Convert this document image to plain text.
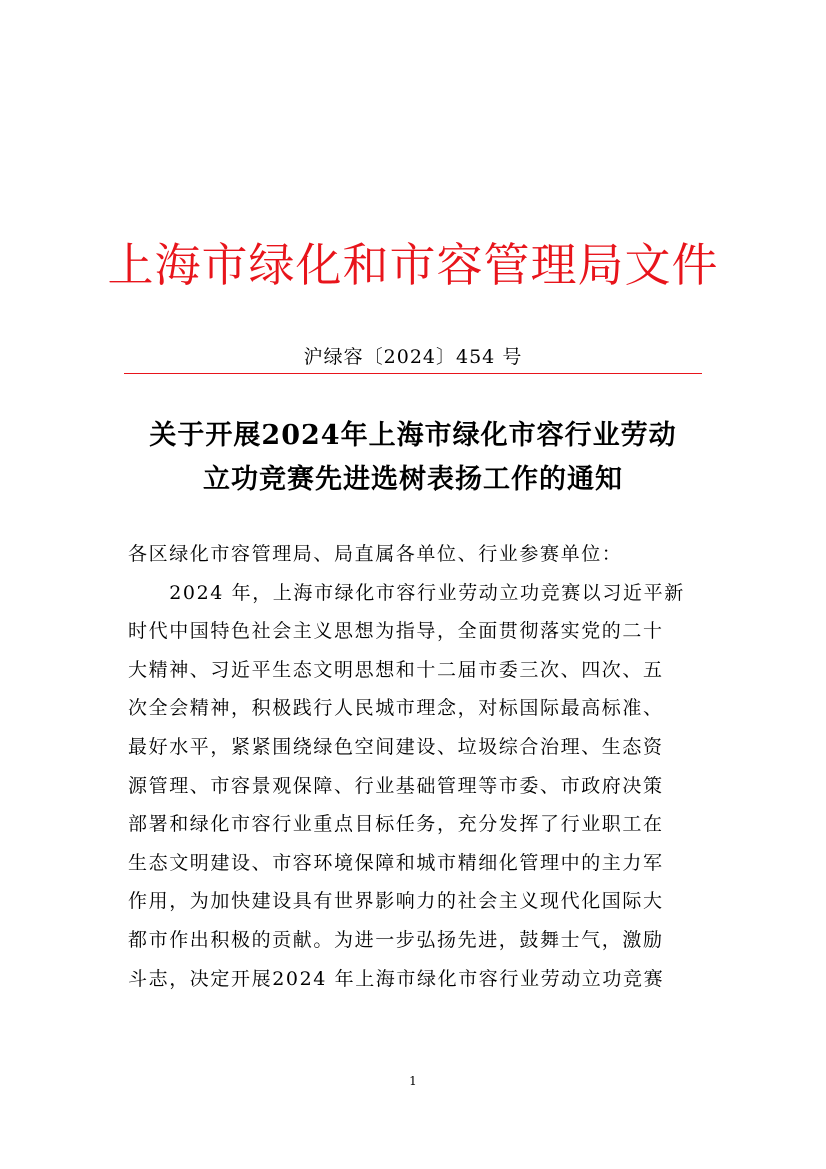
上海市绿化和市容管理局文件
沪绿容〔2024〕454 号
关于开展2024年上海市绿化市容行业劳动
立功竞赛先进选树表扬工作的通知
各区绿化市容管理局、局直属各单位、行业参赛单位：
　　2024 年，上海市绿化市容行业劳动立功竞赛以习近平新
时代中国特色社会主义思想为指导，全面贯彻落实党的二十
大精神、习近平生态文明思想和十二届市委三次、四次、五
次全会精神，积极践行人民城市理念，对标国际最高标准、
最好水平，紧紧围绕绿色空间建设、垃圾综合治理、生态资
源管理、市容景观保障、行业基础管理等市委、市政府决策
部署和绿化市容行业重点目标任务，充分发挥了行业职工在
生态文明建设、市容环境保障和城市精细化管理中的主力军
作用，为加快建设具有世界影响力的社会主义现代化国际大
都市作出积极的贡献。为进一步弘扬先进，鼓舞士气，激励
斗志，决定开展2024 年上海市绿化市容行业劳动立功竞赛
1
